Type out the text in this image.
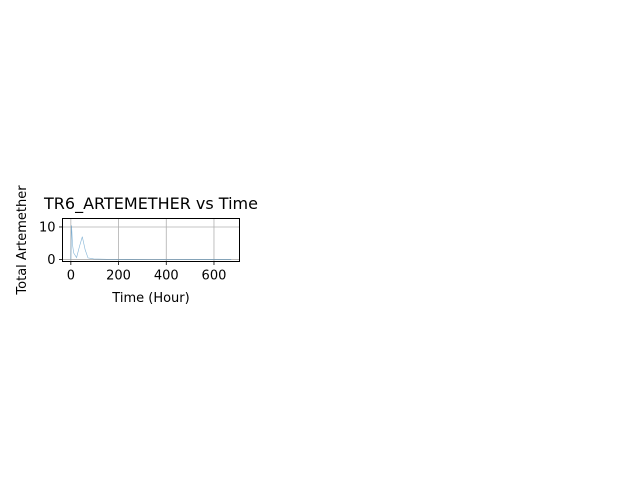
0 200 400 600
0
10
TR6_ARTEMETHER vs Time
Time (Hour)
Total Artemether
